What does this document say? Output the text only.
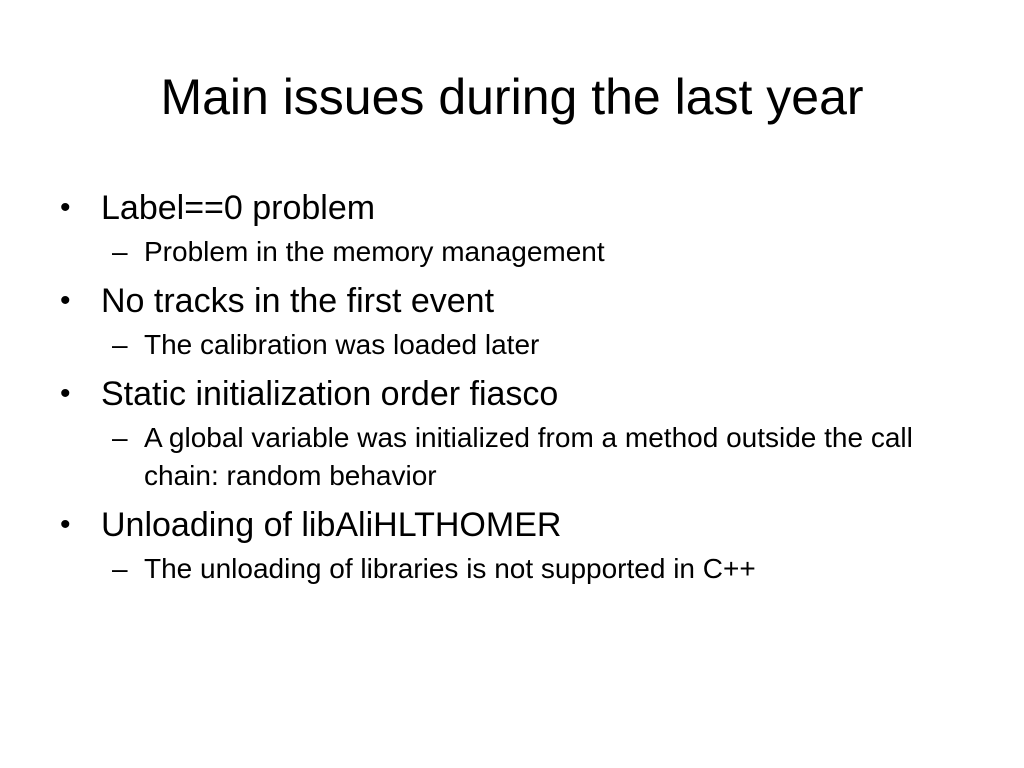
Main issues during the last year
• Label==0 problem
– Problem in the memory management
• No tracks in the first event
– The calibration was loaded later
• Static initialization order fiasco
– A global variable was initialized from a method outside the call chain: random behavior
• Unloading of libAliHLTHOMER
– The unloading of libraries is not supported in C++
